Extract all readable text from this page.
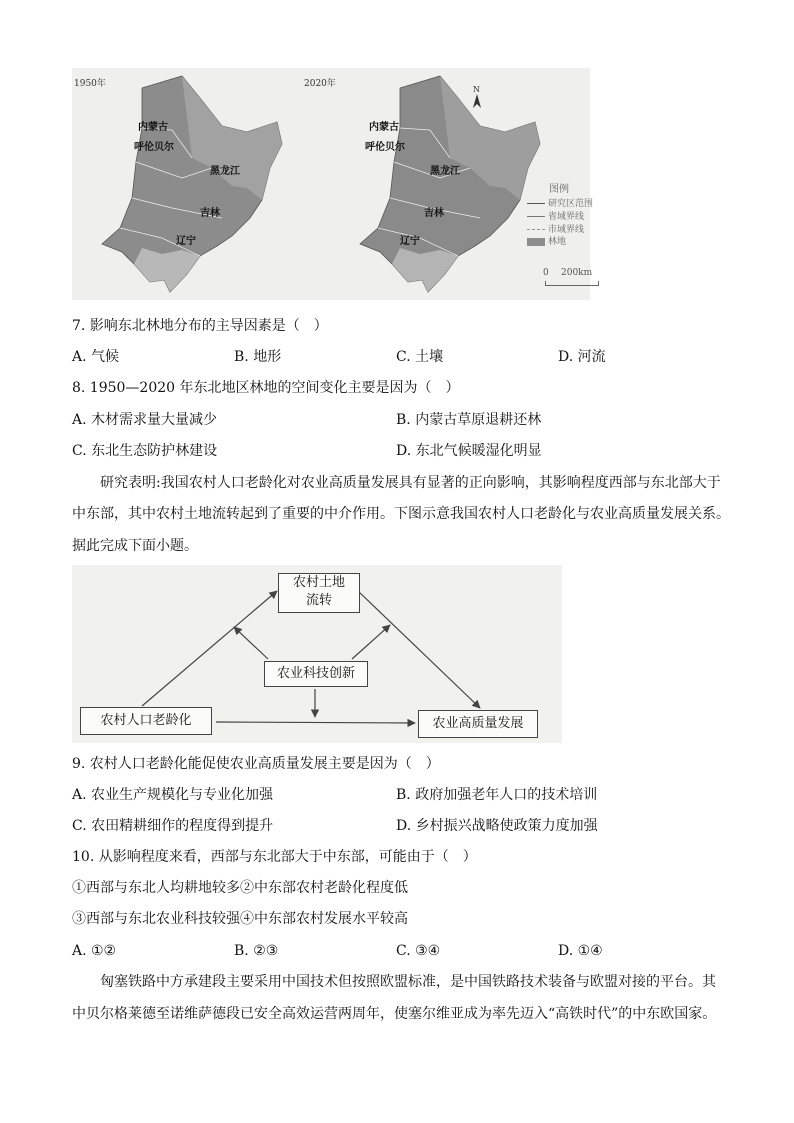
1950年
内蒙古
呼伦贝尔
黑龙江
吉林
辽宁
2020年
内蒙古
呼伦贝尔
黑龙江
吉林
辽宁
N
图例
研究区范围
省域界线
市域界线
林地
0 200km
7. 影响东北林地分布的主导因素是（　）
A. 气候	B. 地形	C. 土壤	D. 河流
8. 1950—2020 年东北地区林地的空间变化主要是因为（　）
A. 木材需求量大量减少	B. 内蒙古草原退耕还林
C. 东北生态防护林建设	D. 东北气候暖湿化明显
研究表明:我国农村人口老龄化对农业高质量发展具有显著的正向影响，其影响程度西部与东北部大于
中东部，其中农村土地流转起到了重要的中介作用。下图示意我国农村人口老龄化与农业高质量发展关系。
据此完成下面小题。
农村土地
流转
农业科技创新
农村人口老龄化	农业高质量发展
9. 农村人口老龄化能促使农业高质量发展主要是因为（　）
A. 农业生产规模化与专业化加强	B. 政府加强老年人口的技术培训
C. 农田精耕细作的程度得到提升	D. 乡村振兴战略使政策力度加强
10. 从影响程度来看，西部与东北部大于中东部，可能由于（　）
①西部与东北人均耕地较多②中东部农村老龄化程度低
③西部与东北农业科技较强④中东部农村发展水平较高
A. ①②	B. ②③	C. ③④	D. ①④
匈塞铁路中方承建段主要采用中国技术但按照欧盟标准，是中国铁路技术装备与欧盟对接的平台。其
中贝尔格莱德至诺维萨德段已安全高效运营两周年，使塞尔维亚成为率先迈入“高铁时代”的中东欧国家。
